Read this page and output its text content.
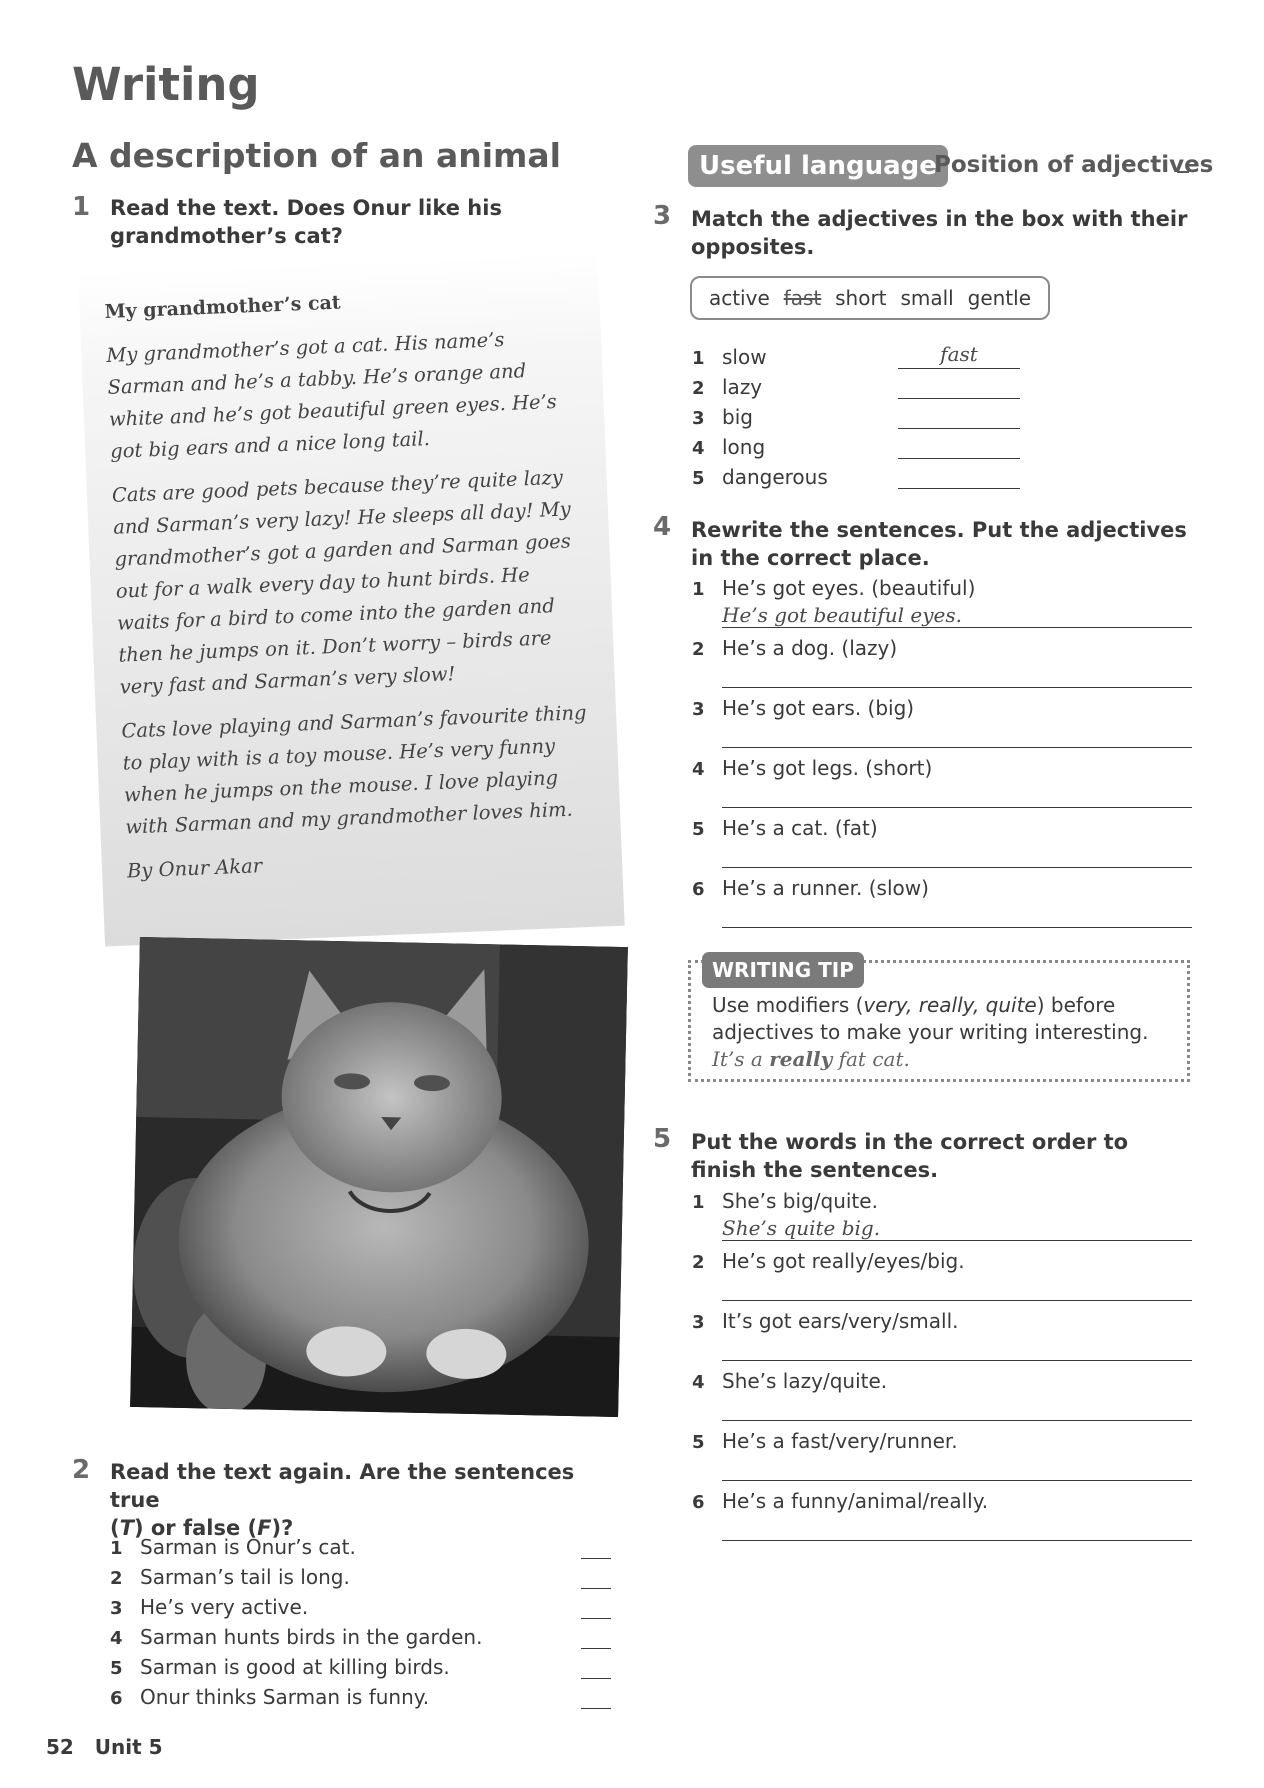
Writing
A description of an animal
1 Read the text. Does Onur like his grandmother’s cat?
My grandmother’s cat

My grandmother’s got a cat. His name’s Sarman and he’s a tabby. He’s orange and white and he’s got beautiful green eyes. He’s got big ears and a nice long tail.

Cats are good pets because they’re quite lazy and Sarman’s very lazy! He sleeps all day! My grandmother’s got a garden and Sarman goes out for a walk every day to hunt birds. He waits for a bird to come into the garden and then he jumps on it. Don’t worry – birds are very fast and Sarman’s very slow!

Cats love playing and Sarman’s favourite thing to play with is a toy mouse. He’s very funny when he jumps on the mouse. I love playing with Sarman and my grandmother loves him.

By Onur Akar
2 Read the text again. Are the sentences true
(T) or false (F)?
1 Sarman is Onur’s cat.
2 Sarman’s tail is long.
3 He’s very active.
4 Sarman hunts birds in the garden.
5 Sarman is good at killing birds.
6 Onur thinks Sarman is funny.
Useful language
Position of adjectives
3 Match the adjectives in the box with their opposites.
active fast short small gentle
1 slow
2 lazy
3 big
4 long
5 dangerous
fast
4 Rewrite the sentences. Put the adjectives in the correct place.
1 He’s got eyes. (beautiful)
He’s got beautiful eyes.
2 He’s a dog. (lazy)
3 He’s got ears. (big)
4 He’s got legs. (short)
5 He’s a cat. (fat)
6 He’s a runner. (slow)
WRITING TIP
Use modifiers (very, really, quite) before adjectives to make your writing interesting.
It’s a really fat cat.
5 Put the words in the correct order to finish the sentences.
1 She’s big/quite.
She’s quite big.
2 He’s got really/eyes/big.
3 It’s got ears/very/small.
4 She’s lazy/quite.
5 He’s a fast/very/runner.
6 He’s a funny/animal/really.
52 Unit 5
